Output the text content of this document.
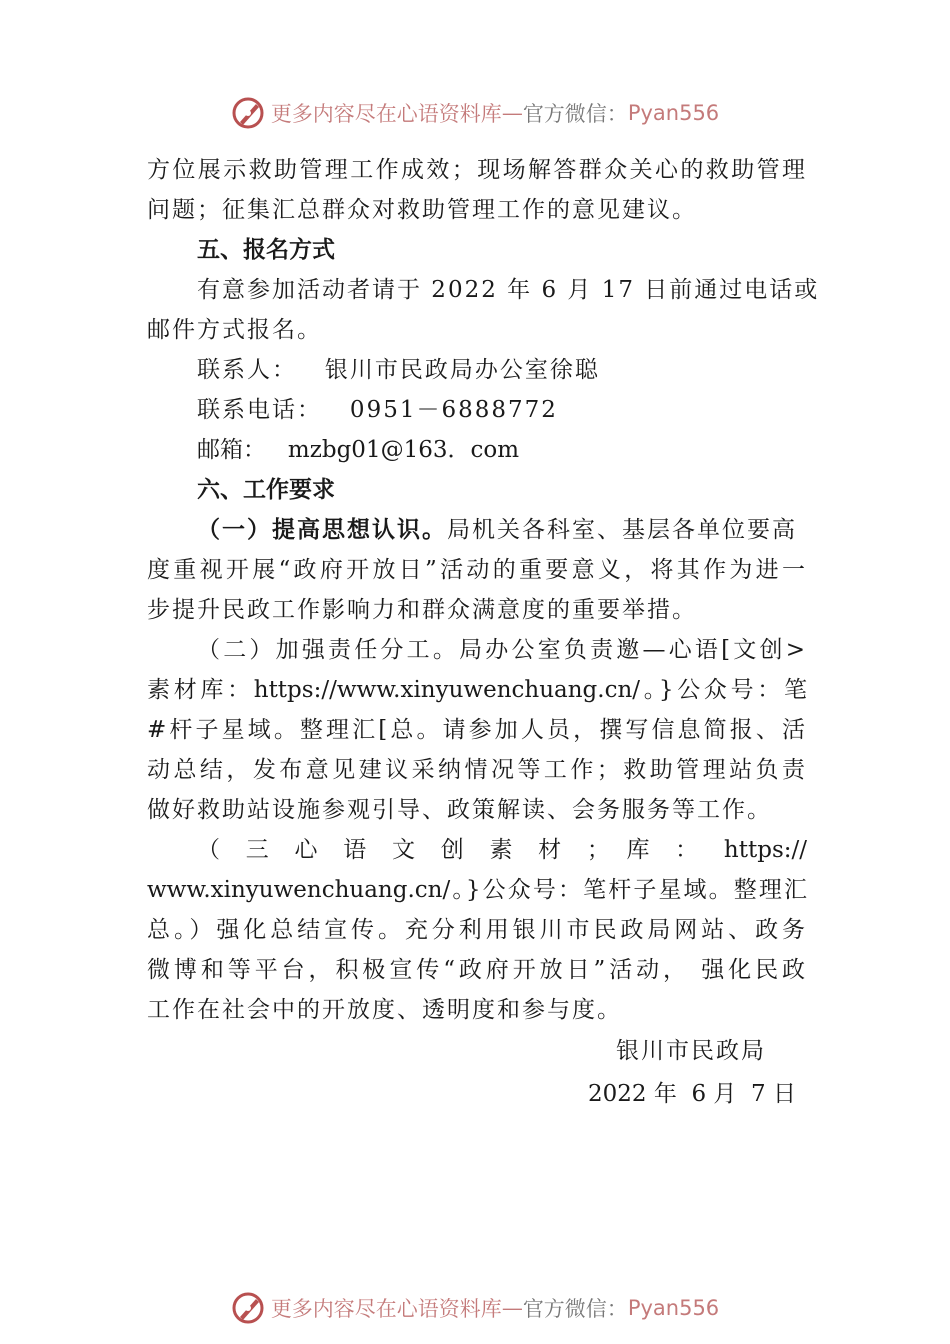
更多内容尽在心语资料库 — 官方微信： Pyan556
方位展示救助管理工作成效；现场解答群众关心的救助管理
问题；征集汇总群众对救助管理工作的意见建议。
五、报名方式
有意参加活动者请于 2022 年 6 月 17 日前通过电话或
邮件方式报名。
联系人：   银川市民政局办公室徐聪
联系电话：   0951－6888772
邮箱：   mzbg01@163．com
六、工作要求
（一）提高思想认识。局机关各科室、基层各单位要高
度重视开展“政府开放日”活动的重要意义，将其作为进一
步提升民政工作影响力和群众满意度的重要举措。
（二）加强责任分工。局办公室负责邀—心语[文创>
素材库：https://www.xinyuwenchuang.cn/。}公众号：笔
#杆子星域。整理汇[总。请参加人员，撰写信息简报、活
动总结，发布意见建议采纳情况等工作；救助管理站负责
做好救助站设施参观引导、政策解读、会务服务等工作。
（ 三 心 语 文 创 素 材 ； 库 ： https://
www.xinyuwenchuang.cn/。}公众号：笔杆子星域。整理汇
总。）强化总结宣传。充分利用银川市民政局网站、政务
微博和等平台，积极宣传“政府开放日”活动， 强化民政
工作在社会中的开放度、透明度和参与度。
银川市民政局
2022 年  6 月  7 日
更多内容尽在心语资料库 — 官方微信： Pyan556
